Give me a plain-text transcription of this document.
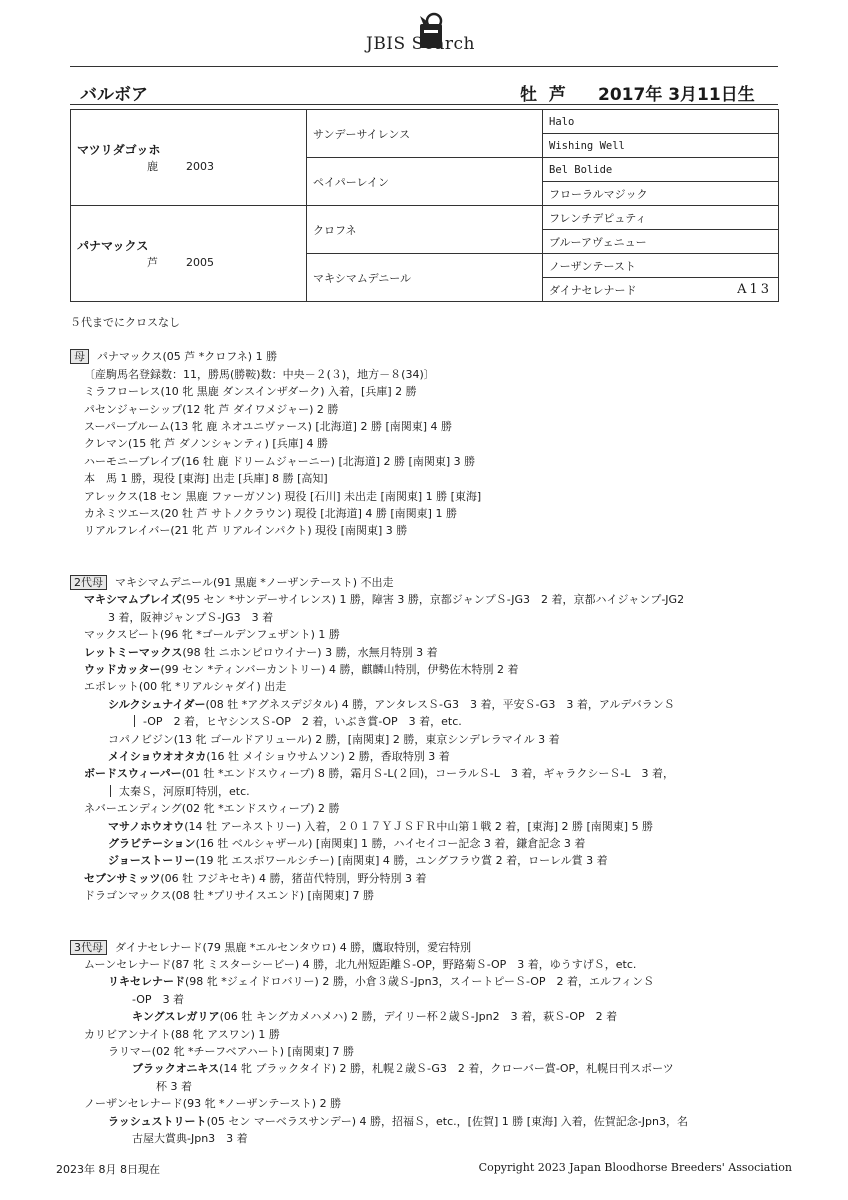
JBIS Search
バルボア	牡 芦 2017年 3月11日生
マツリダゴッホ
鹿 2003	サンデーサイレンス	Halo
		Wishing Well
	ペイパーレイン	Bel Bolide
		フローラルマジック

パナマックス
芦 2005	クロフネ	フレンチデピュティ
		ブルーアヴェニュー
	マキシマムデニール	ノーザンテースト
		ダイナセレナード A13
５代までにクロスなし
母 パナマックス(05 芦 *クロフネ) 1 勝
〔産駒馬名登録数：11，勝馬(勝鞍)数：中央－２(３)，地方－８(34)〕
ミラフローレス(10 牝 黒鹿 ダンスインザダーク) 入着，[兵庫] 2 勝
パセンジャーシップ(12 牝 芦 ダイワメジャー) 2 勝
スーパーブルーム(13 牝 鹿 ネオユニヴァース) [北海道] 2 勝 [南関東] 4 勝
クレマン(15 牝 芦 ダノンシャンティ) [兵庫] 4 勝
ハーモニーブレイブ(16 牡 鹿 ドリームジャーニー) [北海道] 2 勝 [南関東] 3 勝
本　馬 1 勝，現役 [東海] 出走 [兵庫] 8 勝 [高知]
アレックス(18 セン 黒鹿 ファーガソン) 現役 [石川] 未出走 [南関東] 1 勝 [東海]
カネミツエース(20 牡 芦 サトノクラウン) 現役 [北海道] 4 勝 [南関東] 1 勝
リアルフレイバー(21 牝 芦 リアルインパクト) 現役 [南関東] 3 勝
2代母 マキシマムデニール(91 黒鹿 *ノーザンテースト) 不出走
マキシマムブレイズ(95 セン *サンデーサイレンス) 1 勝，障害 3 勝，京都ジャンプＳ-JG3　2 着，京都ハイジャンプ-JG2
3 着，阪神ジャンプＳ-JG3　3 着
マックスビート(96 牝 *ゴールデンフェザント) 1 勝
レットミーマックス(98 牡 ニホンピロウイナー) 3 勝，水無月特別 3 着
ウッドカッター(99 セン *ティンバーカントリー) 4 勝，麒麟山特別，伊勢佐木特別 2 着
エポレット(00 牝 *リアルシャダイ) 出走
シルクシュナイダー(08 牡 *アグネスデジタル) 4 勝，アンタレスＳ-G3　3 着，平安Ｓ-G3　3 着，アルデバランＳ
-OP　2 着，ヒヤシンスＳ-OP　2 着，いぶき賞-OP　3 着，etc.
コパノビジン(13 牝 ゴールドアリュール) 2 勝，[南関東] 2 勝，東京シンデレラマイル 3 着
メイショウオオタカ(16 牡 メイショウサムソン) 2 勝，香取特別 3 着
ボードスウィーパー(01 牡 *エンドスウィープ) 8 勝，霜月Ｓ-L(２回)，コーラルＳ-L　3 着，ギャラクシーＳ-L　3 着，
太秦Ｓ，河原町特別，etc.
ネバーエンディング(02 牝 *エンドスウィープ) 2 勝
マサノホウオウ(14 牡 アーネストリー) 入着，２０１７ＹＪＳＦＲ中山第１戦 2 着，[東海] 2 勝 [南関東] 5 勝
グラビテーション(16 牡 ベルシャザール) [南関東] 1 勝，ハイセイコー記念 3 着，鎌倉記念 3 着
ジョーストーリー(19 牝 エスポワールシチー) [南関東] 4 勝，ユングフラウ賞 2 着，ローレル賞 3 着
セブンサミッツ(06 牡 フジキセキ) 4 勝，猪苗代特別，野分特別 3 着
ドラゴンマックス(08 牡 *プリサイスエンド) [南関東] 7 勝
3代母 ダイナセレナード(79 黒鹿 *エルセンタウロ) 4 勝，鷹取特別，愛宕特別
ムーンセレナード(87 牝 ミスターシービー) 4 勝，北九州短距離Ｓ-OP，野路菊Ｓ-OP　3 着，ゆうすげＳ，etc.
リキセレナード(98 牝 *ジェイドロバリー) 2 勝，小倉３歳Ｓ-Jpn3，スイートピーＳ-OP　2 着，エルフィンＳ
-OP　3 着
キングスレガリア(06 牡 キングカメハメハ) 2 勝，デイリー杯２歳Ｓ-Jpn2　3 着，萩Ｓ-OP　2 着
カリビアンナイト(88 牝 アスワン) 1 勝
ラリマー(02 牝 *チーフベアハート) [南関東] 7 勝
ブラックオニキス(14 牝 ブラックタイド) 2 勝，札幌２歳Ｓ-G3　2 着，クローバー賞-OP，札幌日刊スポーツ
杯 3 着
ノーザンセレナード(93 牝 *ノーザンテースト) 2 勝
ラッシュストリート(05 セン マーベラスサンデー) 4 勝，招福Ｓ，etc.，[佐賀] 1 勝 [東海] 入着，佐賀記念-Jpn3，名
古屋大賞典-Jpn3　3 着
2023年 8月 8日現在	Copyright 2023 Japan Bloodhorse Breeders' Association
